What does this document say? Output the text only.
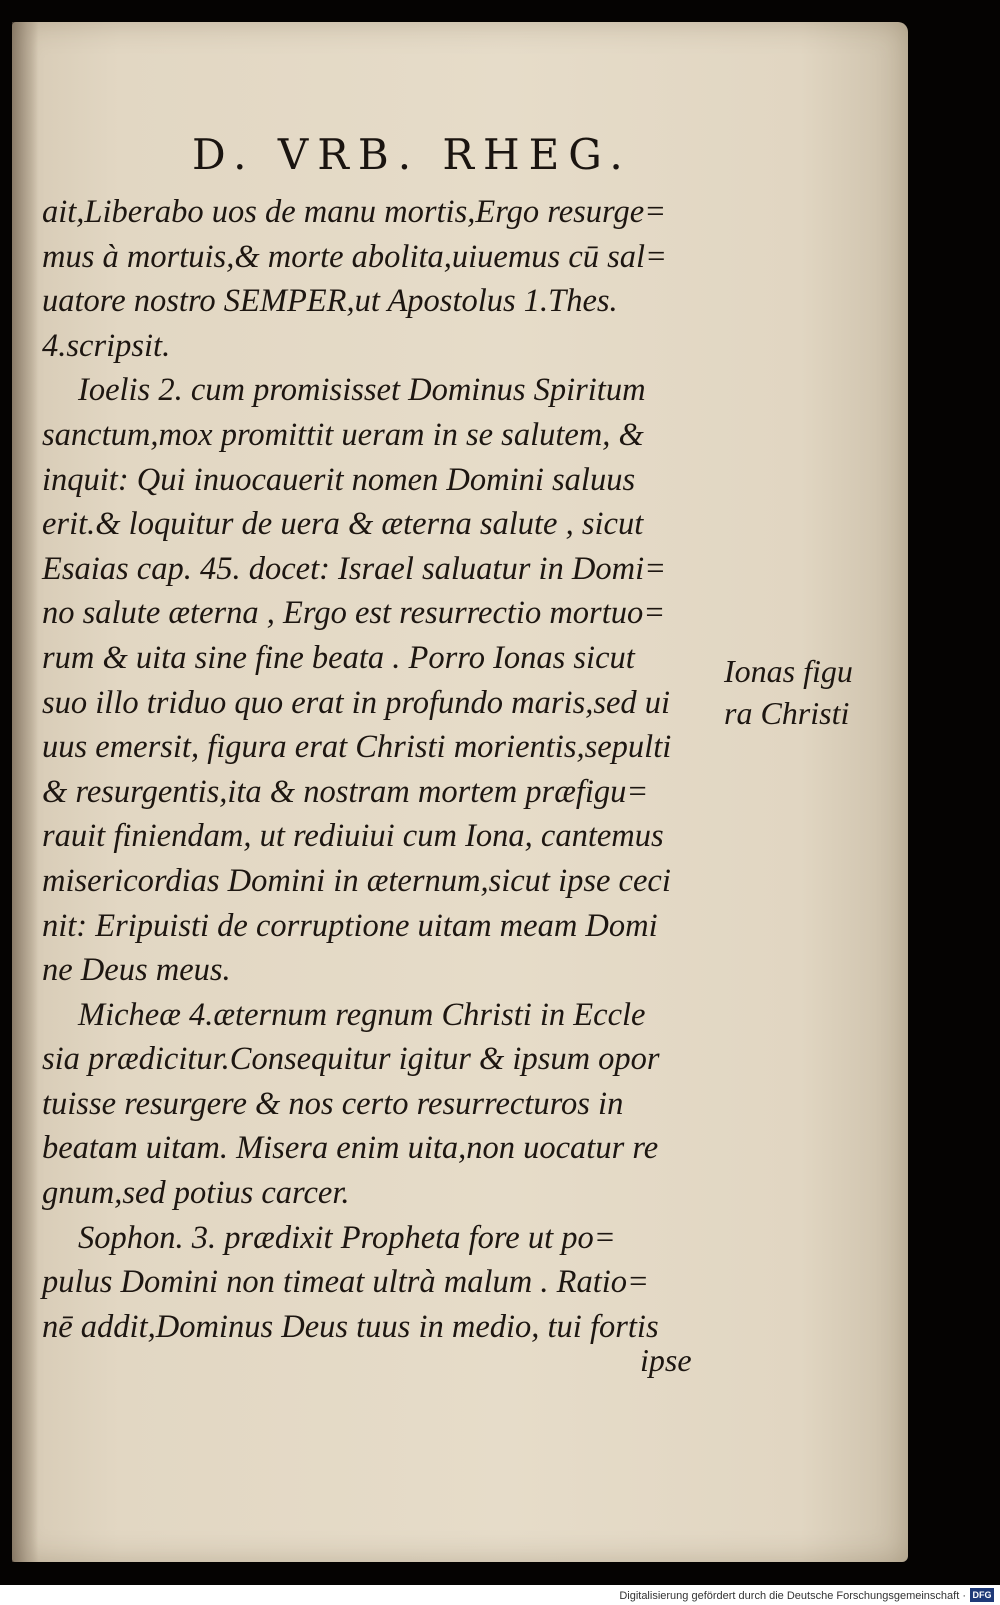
D. VRB. RHEG.
ait,Liberabo uos de manu mortis,Ergo resurge=
mus à mortuis,& morte abolita,uiuemus cū sal=
uatore nostro SEMPER,ut Apostolus 1.Thes.
4.scripsit.
Ioelis 2. cum promisisset Dominus Spiritum
sanctum,mox promittit ueram in se salutem, &
inquit: Qui inuocauerit nomen Domini saluus
erit.& loquitur de uera & æterna salute , sicut
Esaias cap. 45. docet: Israel saluatur in Domi=
no salute æterna , Ergo est resurrectio mortuo=
rum & uita sine fine beata . Porro Ionas sicut
suo illo triduo quo erat in profundo maris,sed ui
uus emersit, figura erat Christi morientis,sepulti
& resurgentis,ita & nostram mortem præfigu=
rauit finiendam, ut rediuiui cum Iona, cantemus
misericordias Domini in æternum,sicut ipse ceci
nit: Eripuisti de corruptione uitam meam Domi
ne Deus meus.
Micheæ 4.æternum regnum Christi in Eccle
sia prædicitur.Consequitur igitur & ipsum opor
tuisse resurgere & nos certo resurrecturos in
beatam uitam. Misera enim uita,non uocatur re
gnum,sed potius carcer.
Sophon. 3. prædixit Propheta fore ut po=
pulus Domini non timeat ultrà malum . Ratio=
nē addit,Dominus Deus tuus in medio, tui fortis
Ionas figu
ra Christi
ipse
Digitalisierung gefördert durch die Deutsche Forschungsgemeinschaft · DFG
